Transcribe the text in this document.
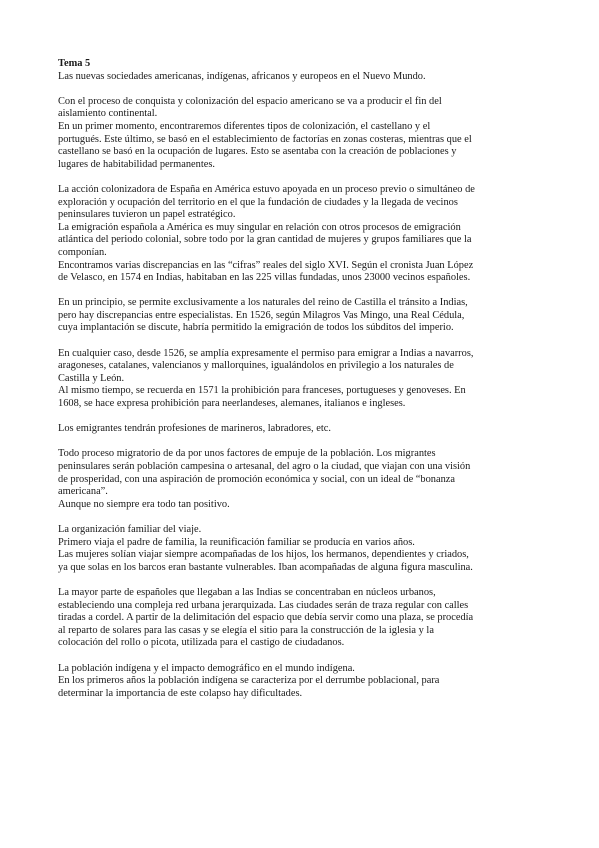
Tema 5
Las nuevas sociedades americanas, indígenas, africanos y europeos en el Nuevo Mundo.
Con el proceso de conquista y colonización del espacio americano se va a producir el fin del
aislamiento continental.
En un primer momento, encontraremos diferentes tipos de colonización, el castellano y el
portugués. Este último, se basó en el establecimiento de factorías en zonas costeras, mientras que el
castellano se basó en la ocupación de lugares. Esto se asentaba con la creación de poblaciones y
lugares de habitabilidad permanentes.
La acción colonizadora de España en América estuvo apoyada en un proceso previo o simultáneo de
exploración y ocupación del territorio en el que la fundación de ciudades y la llegada de vecinos
peninsulares tuvieron un papel estratégico.
La emigración española a América es muy singular en relación con otros procesos de emigración
atlántica del periodo colonial, sobre todo por la gran cantidad de mujeres y grupos familiares que la
componían.
Encontramos varias discrepancias en las “cifras” reales del siglo XVI. Según el cronista Juan López
de Velasco, en 1574 en Indias, habitaban en las 225 villas fundadas, unos 23000 vecinos españoles.
En un principio, se permite exclusivamente a los naturales del reino de Castilla el tránsito a Indias,
pero hay discrepancias entre especialistas. En 1526, según Milagros Vas Mingo, una Real Cédula,
cuya implantación se discute, habría permitido la emigración de todos los súbditos del imperio.
En cualquier caso, desde 1526, se amplía expresamente el permiso para emigrar a Indias a navarros,
aragoneses, catalanes, valencianos y mallorquines, igualándolos en privilegio a los naturales de
Castilla y León.
Al mismo tiempo, se recuerda en 1571 la prohibición para franceses, portugueses y genoveses. En
1608, se hace expresa prohibición para neerlandeses, alemanes, italianos e ingleses.
Los emigrantes tendrán profesiones de marineros, labradores, etc.
Todo proceso migratorio de da por unos factores de empuje de la población. Los migrantes
peninsulares serán población campesina o artesanal, del agro o la ciudad, que viajan con una visión
de prosperidad, con una aspiración de promoción económica y social, con un ideal de “bonanza
americana”.
Aunque no siempre era todo tan positivo.
La organización familiar del viaje.
Primero viaja el padre de familia, la reunificación familiar se producía en varios años.
Las mujeres solían viajar siempre acompañadas de los hijos, los hermanos, dependientes y criados,
ya que solas en los barcos eran bastante vulnerables. Iban acompañadas de alguna figura masculina.
La mayor parte de españoles que llegaban a las Indias se concentraban en núcleos urbanos,
estableciendo una compleja red urbana jerarquizada. Las ciudades serán de traza regular con calles
tiradas a cordel. A partir de la delimitación del espacio que debía servir como una plaza, se procedía
al reparto de solares para las casas y se elegía el sitio para la construcción de la iglesia y la
colocación del rollo o picota, utilizada para el castigo de ciudadanos.
La población indígena y el impacto demográfico en el mundo indígena.
En los primeros años la población indígena se caracteriza por el derrumbe poblacional, para
determinar la importancia de este colapso hay dificultades.
